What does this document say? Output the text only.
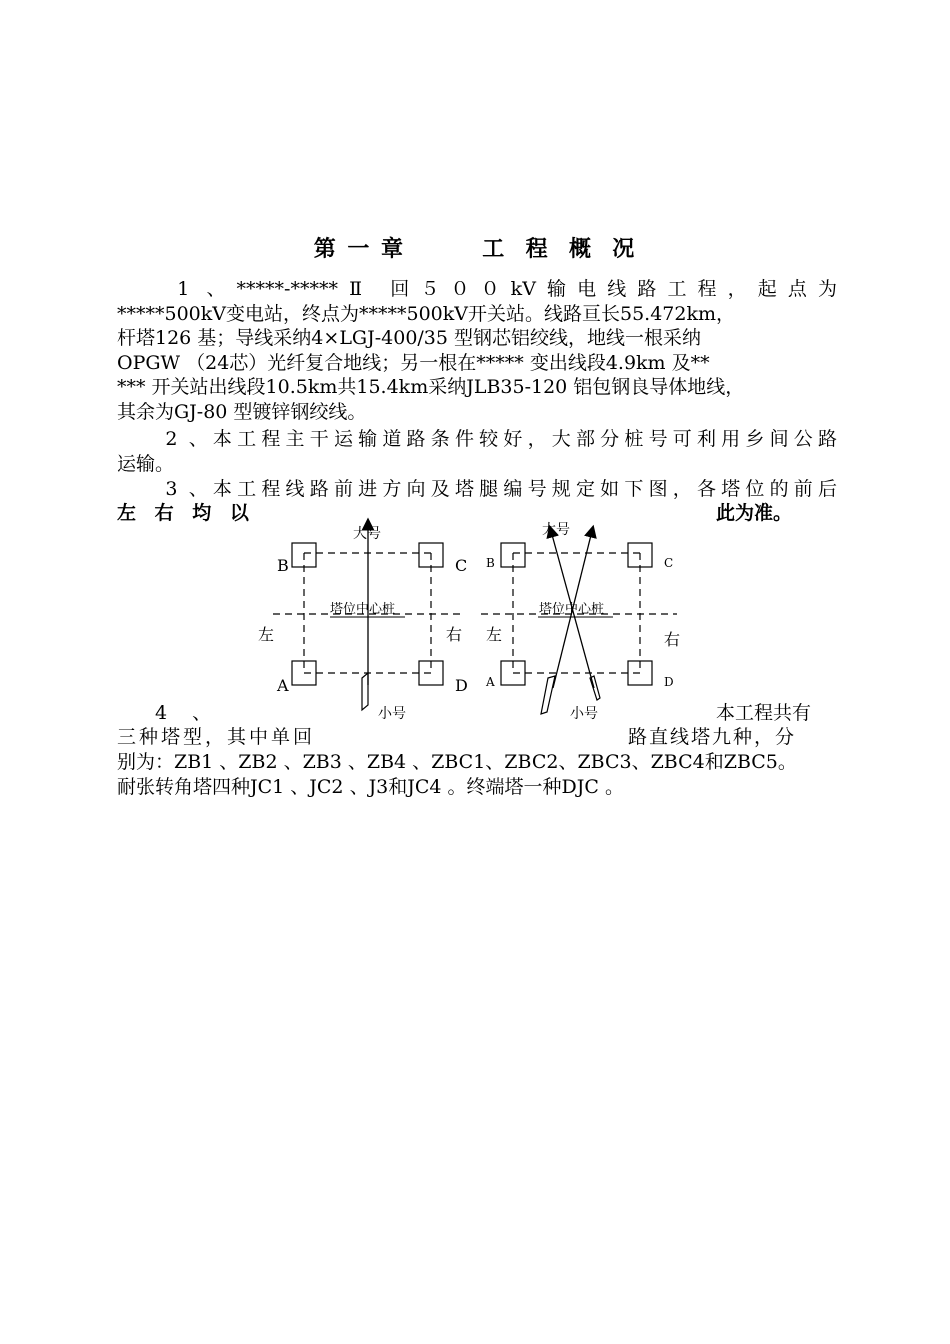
第 一 章        工  程  概  况
　　1 、*****-*****Ⅱ 回５００kV输电线路工程，起点为
*****500kV变电站，终点为*****500kV开关站。线路亘长55.472km，
杆塔126 基；导线采纳4×LGJ-400/35 型钢芯铝绞线，地线一根采纳
OPGW （24芯）光纤复合地线；另一根在***** 变出线段4.9km 及**
*** 开关站出线段10.5km共15.4km采纳JLB35-120 铝包钢良导体地线，
其余为GJ-80 型镀锌钢绞线。
　　2 、本工程主干运输道路条件较好，大部分桩号可利用乡间公路
运输。
　　3 、本工程线路前进方向及塔腿编号规定如下图，各塔位的前后
左 右 均 以	此为准。
大号
小号
塔位中心桩
左	右
B	C
A	D
大号
小号
塔位中心桩
左	右
B	C
A	D
　　4 　、	本工程共有
三种塔型，其中单回	路直线塔九种，分
别为：ZB1 、ZB2 、ZB3 、ZB4 、ZBC1、ZBC2、ZBC3、ZBC4和ZBC5。
耐张转角塔四种JC1 、JC2 、J3和JC4 。终端塔一种DJC 。
